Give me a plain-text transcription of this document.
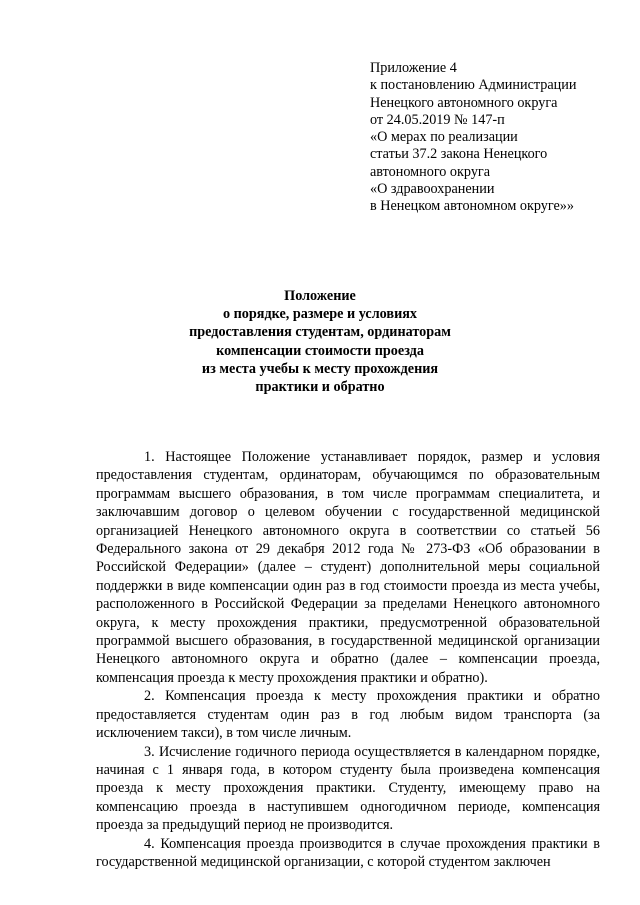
Приложение 4
к постановлению Администрации
Ненецкого автономного округа
от 24.05.2019 № 147-п
«О мерах по реализации
статьи 37.2 закона Ненецкого
автономного округа
«О здравоохранении
в Ненецком автономном округе»»
Положение
о порядке, размере и условиях
предоставления студентам, ординаторам
компенсации стоимости проезда
из места учебы к месту прохождения
практики и обратно

1. Настоящее Положение устанавливает порядок, размер и условия предоставления студентам, ординаторам, обучающимся по образовательным программам высшего образования, в том числе программам специалитета, и заключавшим договор о целевом обучении с государственной медицинской организацией Ненецкого автономного округа в соответствии со статьей 56 Федерального закона от 29 декабря 2012 года № 273-ФЗ «Об образовании в Российской Федерации» (далее – студент) дополнительной меры социальной поддержки в виде компенсации один раз в год стоимости проезда из места учебы, расположенного в Российской Федерации за пределами Ненецкого автономного округа, к месту прохождения практики, предусмотренной образовательной программой высшего образования, в государственной медицинской организации Ненецкого автономного округа и обратно (далее – компенсации проезда, компенсация проезда к месту прохождения практики и обратно).

2. Компенсация проезда к месту прохождения практики и обратно предоставляется студентам один раз в год любым видом транспорта (за исключением такси), в том числе личным.

3. Исчисление годичного периода осуществляется в календарном порядке, начиная с 1 января года, в котором студенту была произведена компенсация проезда к месту прохождения практики. Студенту, имеющему право на компенсацию проезда в наступившем одногодичном периоде, компенсация проезда за предыдущий период не производится.

4. Компенсация проезда производится в случае прохождения практики в государственной медицинской организации, с которой студентом заключен
